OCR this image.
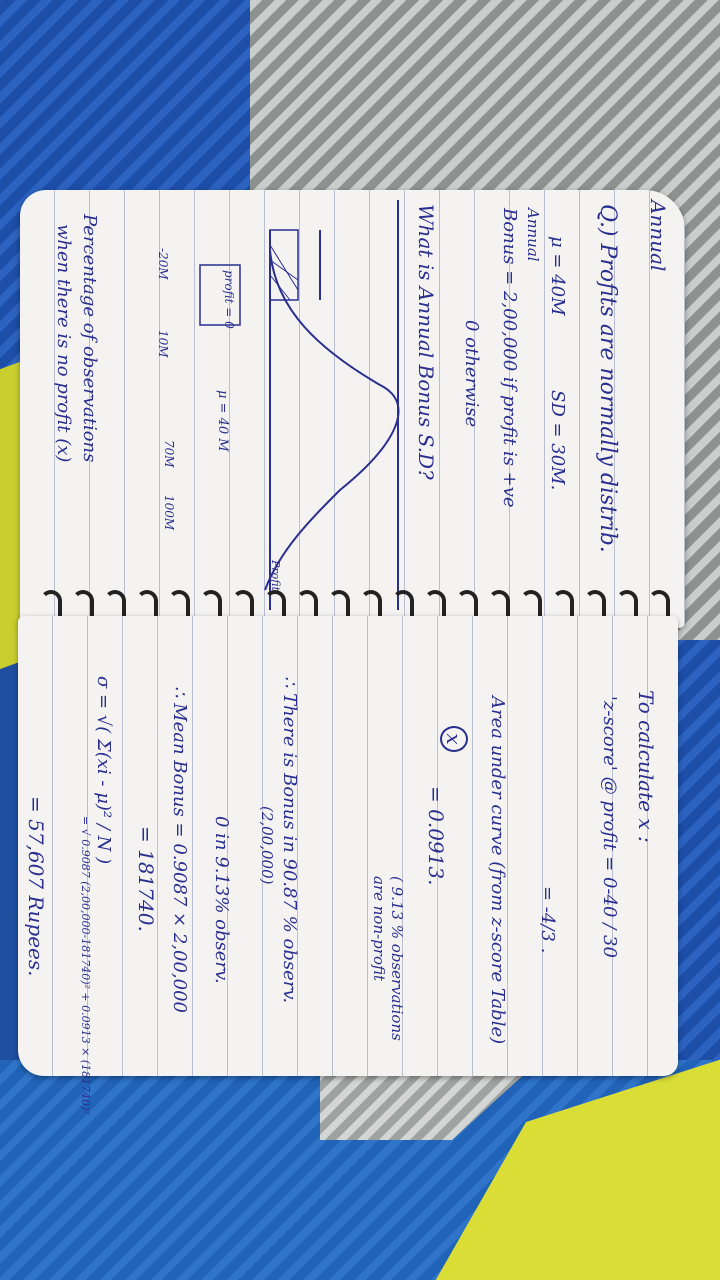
Annual
Q.) Profits are normally distrib.
μ = 40M
SD = 30M.
Annual
Bonus = 2,00,000 if profit is +ve
0 otherwise
What is Annual Bonus S.D?
profit = 0
μ = 40 M
-20M
10M
70M
100M
Profit
Percentage of observations
when there is no profit (x)
To calculate x :
'z-score' @ profit = 0-40 / 30
= -4/3 .
Area under curve (from z-score Table)
x
= 0.0913.
( 9.13 % observations are non-profit
∴ There is Bonus in 90.87 % observ.
(2,00,000)
0 in 9.13% observ.
∴ Mean Bonus = 0.9087 × 2,00,000
= 181740.
σ = √( Σ(xi - μ)² / N )
= √ 0.9087 (2,00,000-181740)² + 0.0913 × (181740)²
= 57,607 Rupees.
